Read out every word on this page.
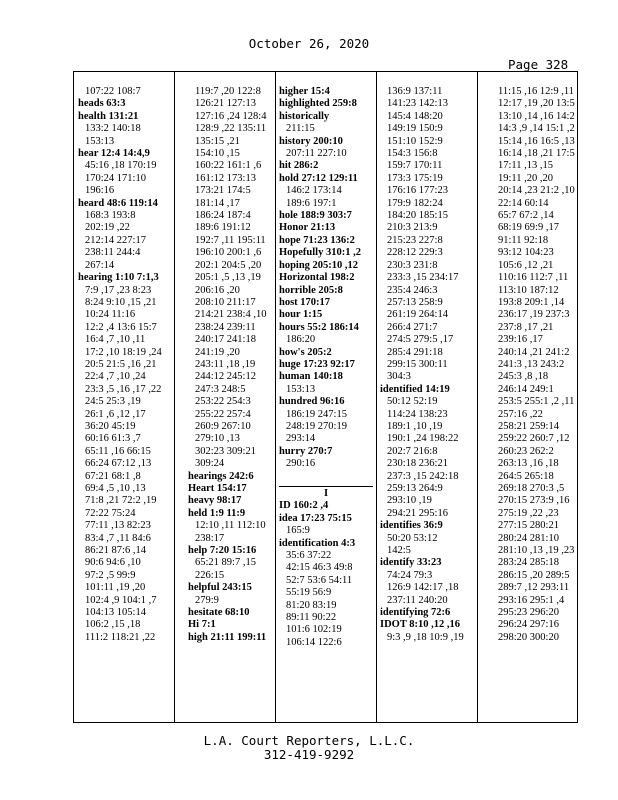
October 26, 2020
Page 328
107:22 108:7
heads 63:3
health 131:21
133:2 140:18
153:13
hear 12:4 14:4,9
45:16 ,18 170:19
170:24 171:10
196:16
heard 48:6 119:14
168:3 193:8
202:19 ,22
212:14 227:17
238:11 244:4
267:14
hearing 1:10 7:1,3
7:9 ,17 ,23 8:23
8:24 9:10 ,15 ,21
10:24 11:16
12:2 ,4 13:6 15:7
16:4 ,7 ,10 ,11
17:2 ,10 18:19 ,24
20:5 21:5 ,16 ,21
22:4 ,7 ,10 ,24
23:3 ,5 ,16 ,17 ,22
24:5 25:3 ,19
26:1 ,6 ,12 ,17
36:20 45:19
60:16 61:3 ,7
65:11 ,16 66:15
66:24 67:12 ,13
67:21 68:1 ,8
69:4 ,5 ,10 ,13
71:8 ,21 72:2 ,19
72:22 75:24
77:11 ,13 82:23
83:4 ,7 ,11 84:6
86:21 87:6 ,14
90:6 94:6 ,10
97:2 ,5 99:9
101:11 ,19 ,20
102:4 ,9 104:1 ,7
104:13 105:14
106:2 ,15 ,18
111:2 118:21 ,22
119:7 ,20 122:8
126:21 127:13
127:16 ,24 128:4
128:9 ,22 135:11
135:15 ,21
154:10 ,15
160:22 161:1 ,6
161:12 173:13
173:21 174:5
181:14 ,17
186:24 187:4
189:6 191:12
192:7 ,11 195:11
196:10 200:1 ,6
202:1 204:5 ,20
205:1 ,5 ,13 ,19
206:16 ,20
208:10 211:17
214:21 238:4 ,10
238:24 239:11
240:17 241:18
241:19 ,20
243:11 ,18 ,19
244:12 245:12
247:3 248:5
253:22 254:3
255:22 257:4
260:9 267:10
279:10 ,13
302:23 309:21
309:24
hearings 242:6
Heart 154:17
heavy 98:17
held 1:9 11:9
12:10 ,11 112:10
238:17
help 7:20 15:16
65:21 89:7 ,15
226:15
helpful 243:15
279:9
hesitate 68:10
Hi 7:1
high 21:11 199:11
higher 15:4
highlighted 259:8
historically
211:15
history 200:10
207:11 227:10
hit 286:2
hold 27:12 129:11
146:2 173:14
189:6 197:1
hole 188:9 303:7
Honor 21:13
hope 71:23 136:2
Hopefully 310:1 ,2
hoping 205:10 ,12
Horizontal 198:2
horrible 205:8
host 170:17
hour 1:15
hours 55:2 186:14
186:20
how's 205:2
huge 17:23 92:17
human 140:18
153:13
hundred 96:16
186:19 247:15
248:19 270:19
293:14
hurry 270:7
290:16

I
ID 160:2 ,4
idea 17:23 75:15
165:9
identification 4:3
35:6 37:22
42:15 46:3 49:8
52:7 53:6 54:11
55:19 56:9
81:20 83:19
89:11 90:22
101:6 102:19
106:14 122:6
136:9 137:11
141:23 142:13
145:4 148:20
149:19 150:9
151:10 152:9
154:3 156:8
159:7 170:11
173:3 175:19
176:16 177:23
179:9 182:24
184:20 185:15
210:3 213:9
215:23 227:8
228:12 229:3
230:3 231:8
233:3 ,15 234:17
235:4 246:3
257:13 258:9
261:19 264:14
266:4 271:7
274:5 279:5 ,17
285:4 291:18
299:15 300:11
304:3
identified 14:19
50:12 52:19
114:24 138:23
189:1 ,10 ,19
190:1 ,24 198:22
202:7 216:8
230:18 236:21
237:3 ,15 242:18
259:13 264:9
293:10 ,19
294:21 295:16
identifies 36:9
50:20 53:12
142:5
identify 33:23
74:24 79:3
126:9 142:17 ,18
237:11 240:20
identifying 72:6
IDOT 8:10 ,12 ,16
9:3 ,9 ,18 10:9 ,19
11:15 ,16 12:9 ,11
12:17 ,19 ,20 13:5
13:10 ,14 ,16 14:2
14:3 ,9 ,14 15:1 ,2
15:14 ,16 16:5 ,13
16:14 ,18 ,21 17:5
17:11 ,13 ,15
19:11 ,20 ,20
20:14 ,23 21:2 ,10
22:14 60:14
65:7 67:2 ,14
68:19 69:9 ,17
91:11 92:18
93:12 104:23
105:6 ,12 ,21
110:16 112:7 ,11
113:10 187:12
193:8 209:1 ,14
236:17 ,19 237:3
237:8 ,17 ,21
239:16 ,17
240:14 ,21 241:2
241:3 ,13 243:2
245:3 ,8 ,18
246:14 249:1
253:5 255:1 ,2 ,11
257:16 ,22
258:21 259:14
259:22 260:7 ,12
260:23 262:2
263:13 ,16 ,18
264:5 265:18
269:18 270:3 ,5
270:15 273:9 ,16
275:19 ,22 ,23
277:15 280:21
280:24 281:10
281:10 ,13 ,19 ,23
283:24 285:18
286:15 ,20 289:5
289:7 ,12 293:11
293:16 295:1 ,4
295:23 296:20
296:24 297:16
298:20 300:20
L.A. Court Reporters, L.L.C.
312-419-9292
